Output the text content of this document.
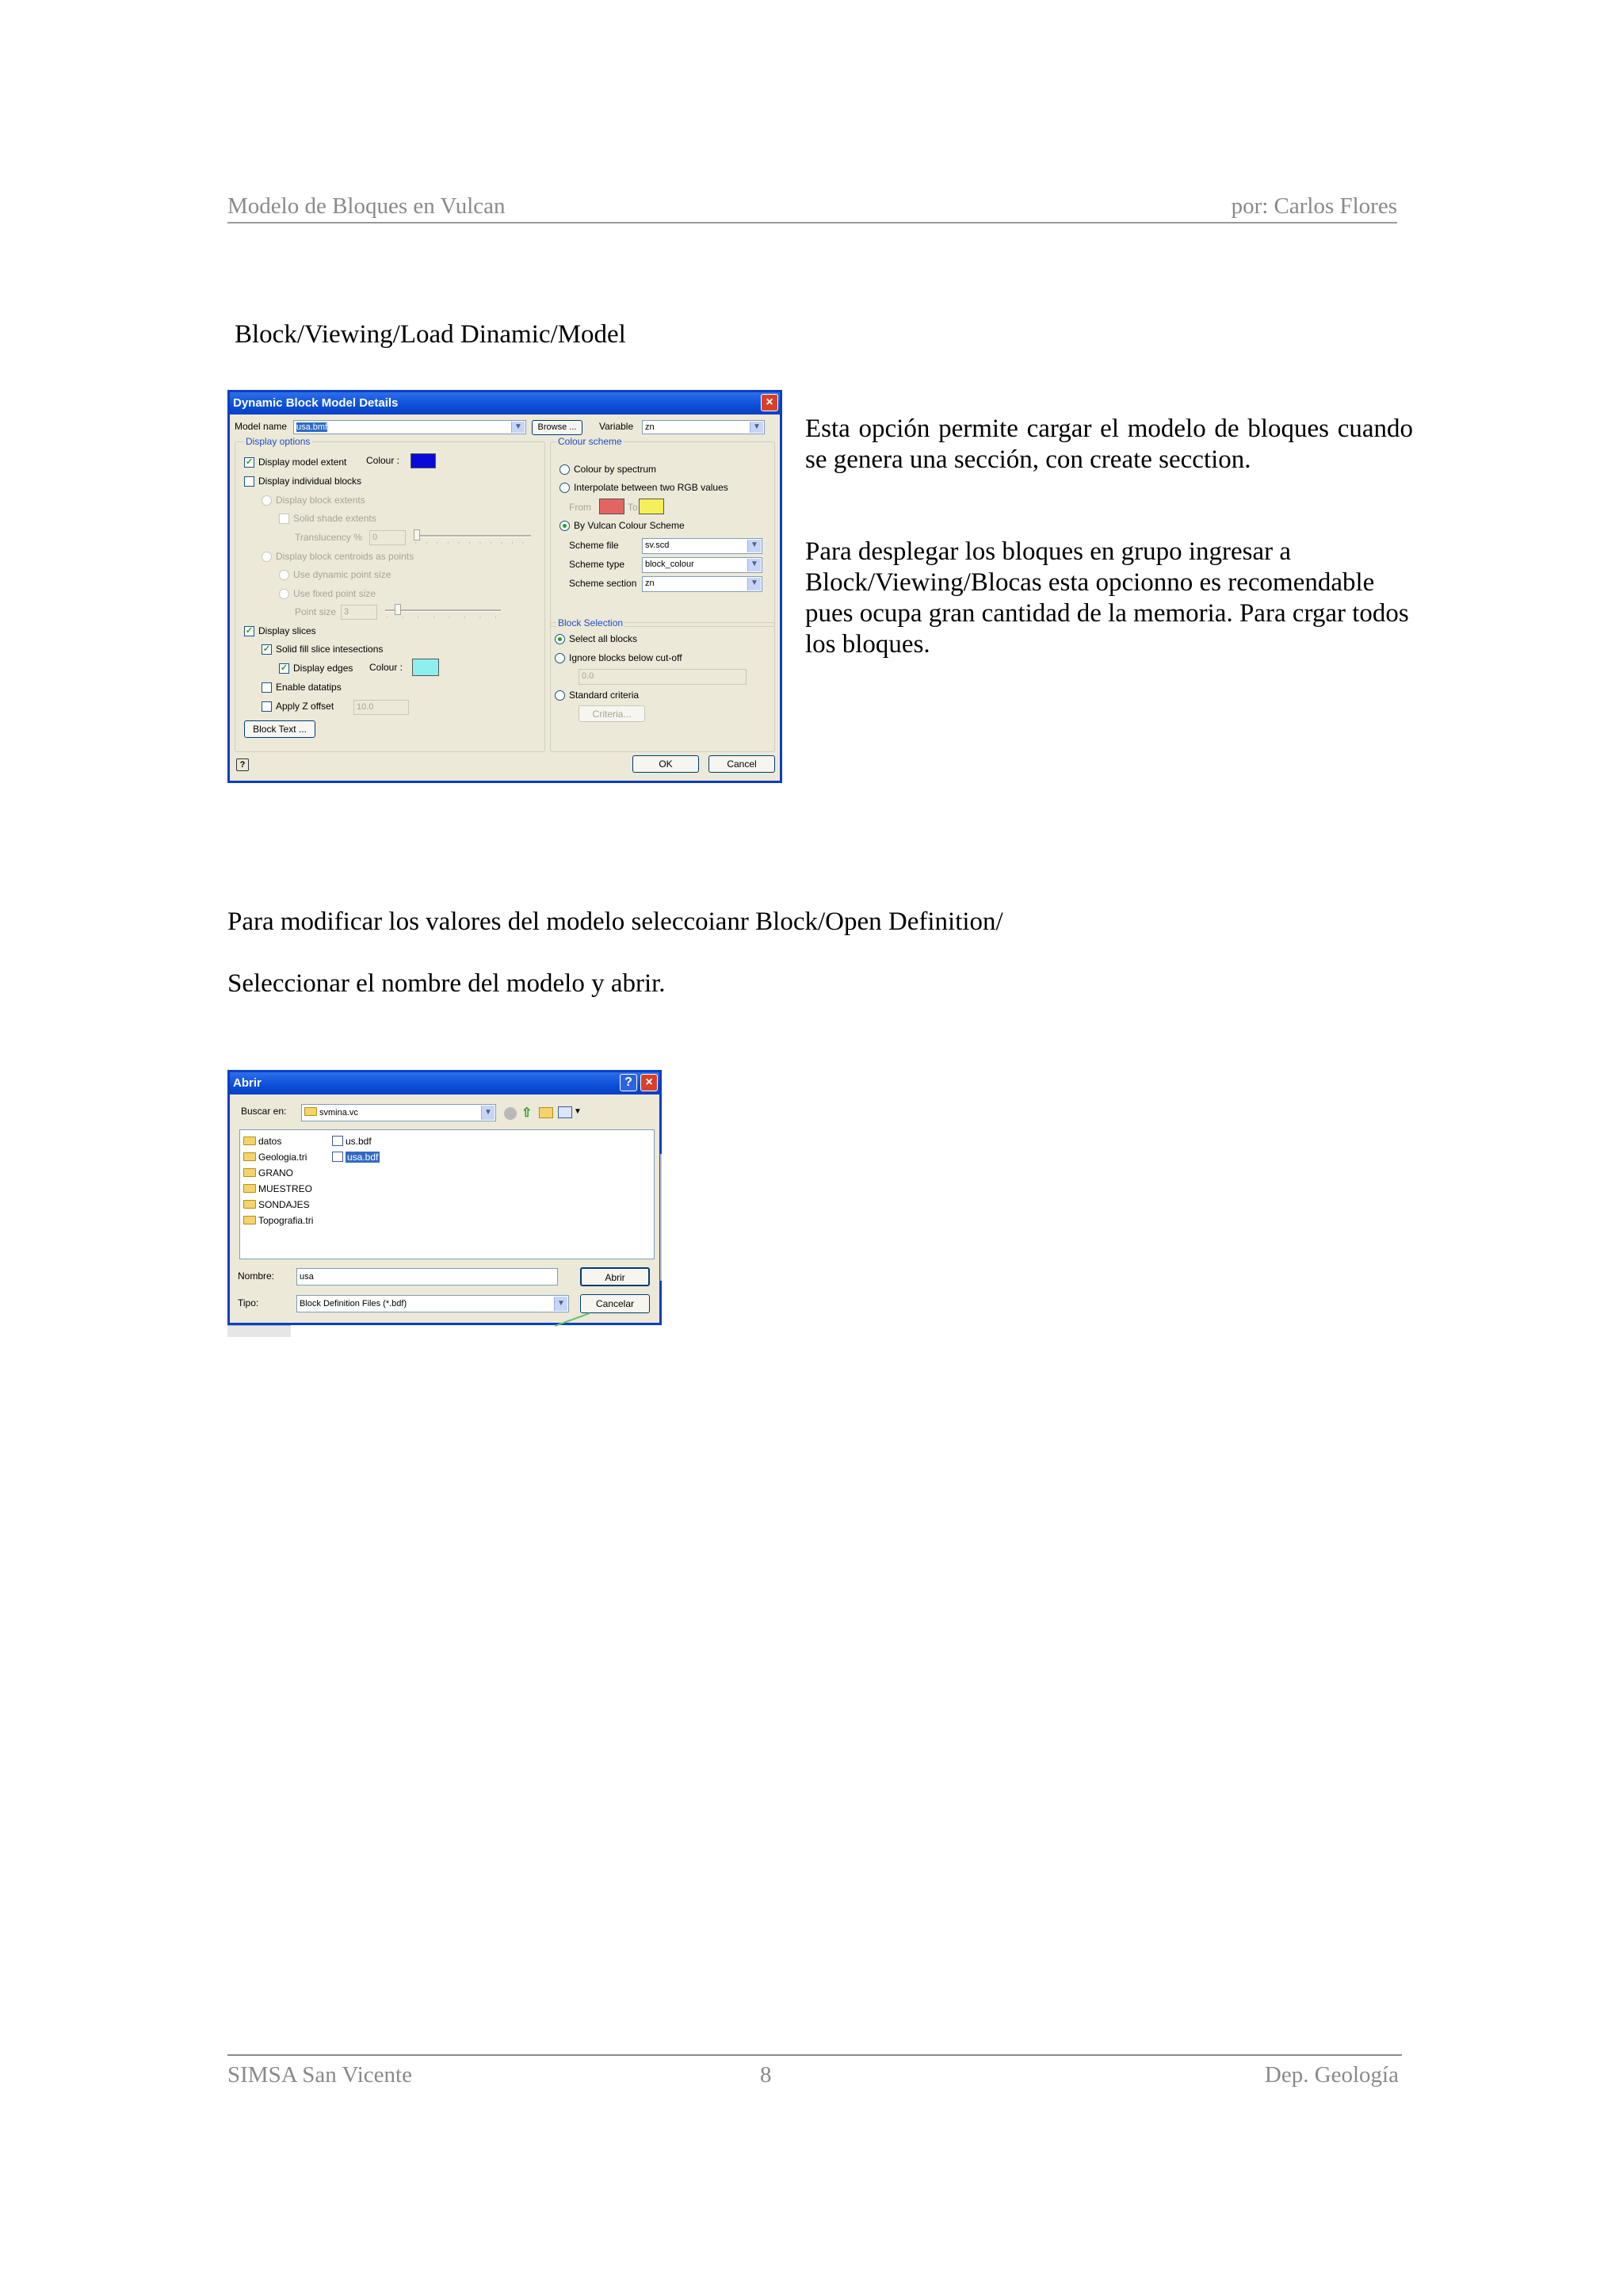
Modelo de Bloques en Vulcan	por: Carlos Flores
Block/Viewing/Load Dinamic/Model
Dynamic Block Model Details	×
Model name	usa.bmf	▼	Browse ...	Variable	zn	▼
Display options
✓ Display model extent Colour :
Display individual blocks
Display block extents
Solid shade extents
Translucency %	0
'''''''''''
Display block centroids as points
Use dynamic point size
Use fixed point size
Point size 3
''''''''
✓ Display slices
✓ Solid fill slice intesections
✓ Display edges Colour :
Enable datatips
Apply Z offset	10.0
Block Text ...
Colour scheme
Colour by spectrum
Interpolate between two RGB values
From	To
By Vulcan Colour Scheme
Scheme file	sv.scd	▼
Scheme type	block_colour	▼
Scheme section zn	▼
Block Selection
Select all blocks
Ignore blocks below cut-off
0.0
Standard criteria
Criteria...
?	OK	Cancel
Esta opción permite cargar el modelo de bloques cuando se genera una sección, con create secction.
Para desplegar los bloques en grupo ingresar a Block/Viewing/Blocas esta opcionno es recomendable pues ocupa gran cantidad de la memoria. Para crgar todos los bloques.
Para modificar los valores del modelo seleccoianr Block/Open Definition/
Seleccionar el nombre del modelo y abrir.
Abrir	?	×
Buscar en:	svmina.vc	▼ ⇧	▼
datos
Geologia.tri
GRANO
MUESTREO
SONDAJES
Topografia.tri
us.bdf
usa.bdf
Nombre:	usa	Abrir
Tipo:	Block Definition Files (*.bdf)	▼	Cancelar
SIMSA San Vicente	8	Dep. Geología
